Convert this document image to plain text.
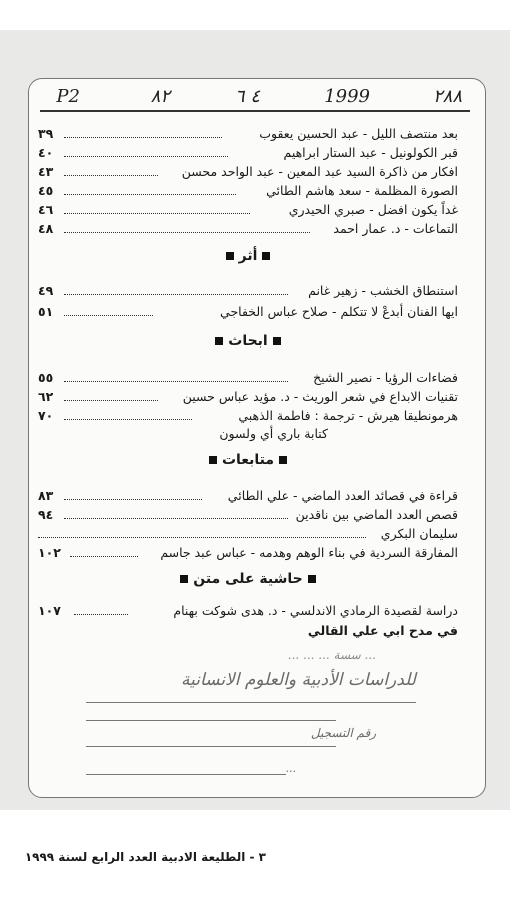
٢٨٨
1999
٤ ٦
٨٢
P2
بعد منتصف الليل - عبد الحسين يعقوب
٣٩
قبر الكولونيل - عبد الستار ابراهيم
٤٠
افكار من ذاكرة السيد عبد المعين - عبد الواحد محسن
٤٣
الصورة المظلمة - سعد هاشم الطائي
٤٥
غداً يكون افضل - صبري الحيدري
٤٦
التماعات - د. عمار احمد
٤٨
أثر
استنطاق الخشب - زهير غانم
٤٩
ايها الفنان أبدعْ لا تتكلم - صلاح عباس الخفاجي
٥١
ابحاث
فضاءات الرؤيا - نصير الشيخ
٥٥
تقنيات الابداع في شعر الوريث - د. مؤيد عباس حسين
٦٢
هرمونطيقا هيرش - ترجمة : فاطمة الذهبي
٧٠
كتابة باري أي ولسون
متابعات
قراءة في قصائد العدد الماضي - علي الطائي
٨٣
قصص العدد الماضي بين ناقدين
٩٤
سليمان البكري
المفارقة السردية في بناء الوهم وهدمه - عباس عبد جاسم
١٠٢
حاشية على متن
دراسة لقصيدة الرمادي الاندلسي - د. هدى شوكت بهنام
١٠٧
في مدح ابي علي القالي
... سسة ... ... ...
للدراسات الأدبية والعلوم الانسانية
رقم التسجيل
...
٣ - الطليعة الادبية العدد الرابع لسنة ١٩٩٩
